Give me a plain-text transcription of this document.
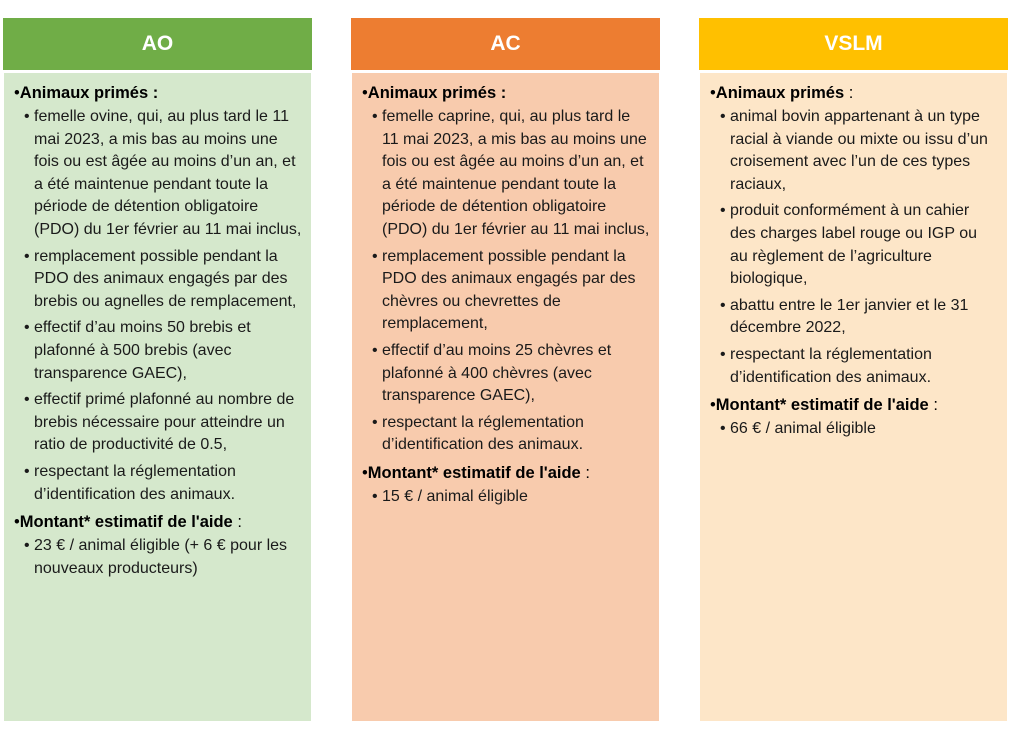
AO
•Animaux primés :
• femelle ovine, qui, au plus tard le 11 mai 2023, a mis bas au moins une fois ou est âgée au moins d’un an, et a été maintenue pendant toute la période de détention obligatoire (PDO) du 1er février au 11 mai inclus,
• remplacement possible pendant la PDO des animaux engagés par des brebis ou agnelles de remplacement,
• effectif d’au moins 50 brebis et plafonné à 500 brebis (avec transparence GAEC),
• effectif primé plafonné au nombre de brebis nécessaire pour atteindre un ratio de productivité de 0.5,
• respectant la réglementation d’identification des animaux.
•Montant* estimatif de l'aide :
• 23 € / animal éligible (+ 6 € pour les nouveaux producteurs)
AC
•Animaux primés :
• femelle caprine, qui, au plus tard le 11 mai 2023, a mis bas au moins une fois ou est âgée au moins d’un an, et a été maintenue pendant toute la période de détention obligatoire (PDO) du 1er février au 11 mai inclus,
• remplacement possible pendant la PDO des animaux engagés par des chèvres ou chevrettes de remplacement,
• effectif d’au moins 25 chèvres et plafonné à 400 chèvres (avec transparence GAEC),
• respectant la réglementation d’identification des animaux.
•Montant* estimatif de l'aide :
• 15 € / animal éligible
VSLM
•Animaux primés :
• animal bovin appartenant à un type racial à viande ou mixte ou issu d’un croisement avec l’un de ces types raciaux,
• produit conformément à un cahier des charges label rouge ou IGP ou au règlement de l’agriculture biologique,
• abattu entre le 1er janvier et le 31 décembre 2022,
• respectant la réglementation d’identification des animaux.
•Montant* estimatif de l'aide :
• 66 € / animal éligible
